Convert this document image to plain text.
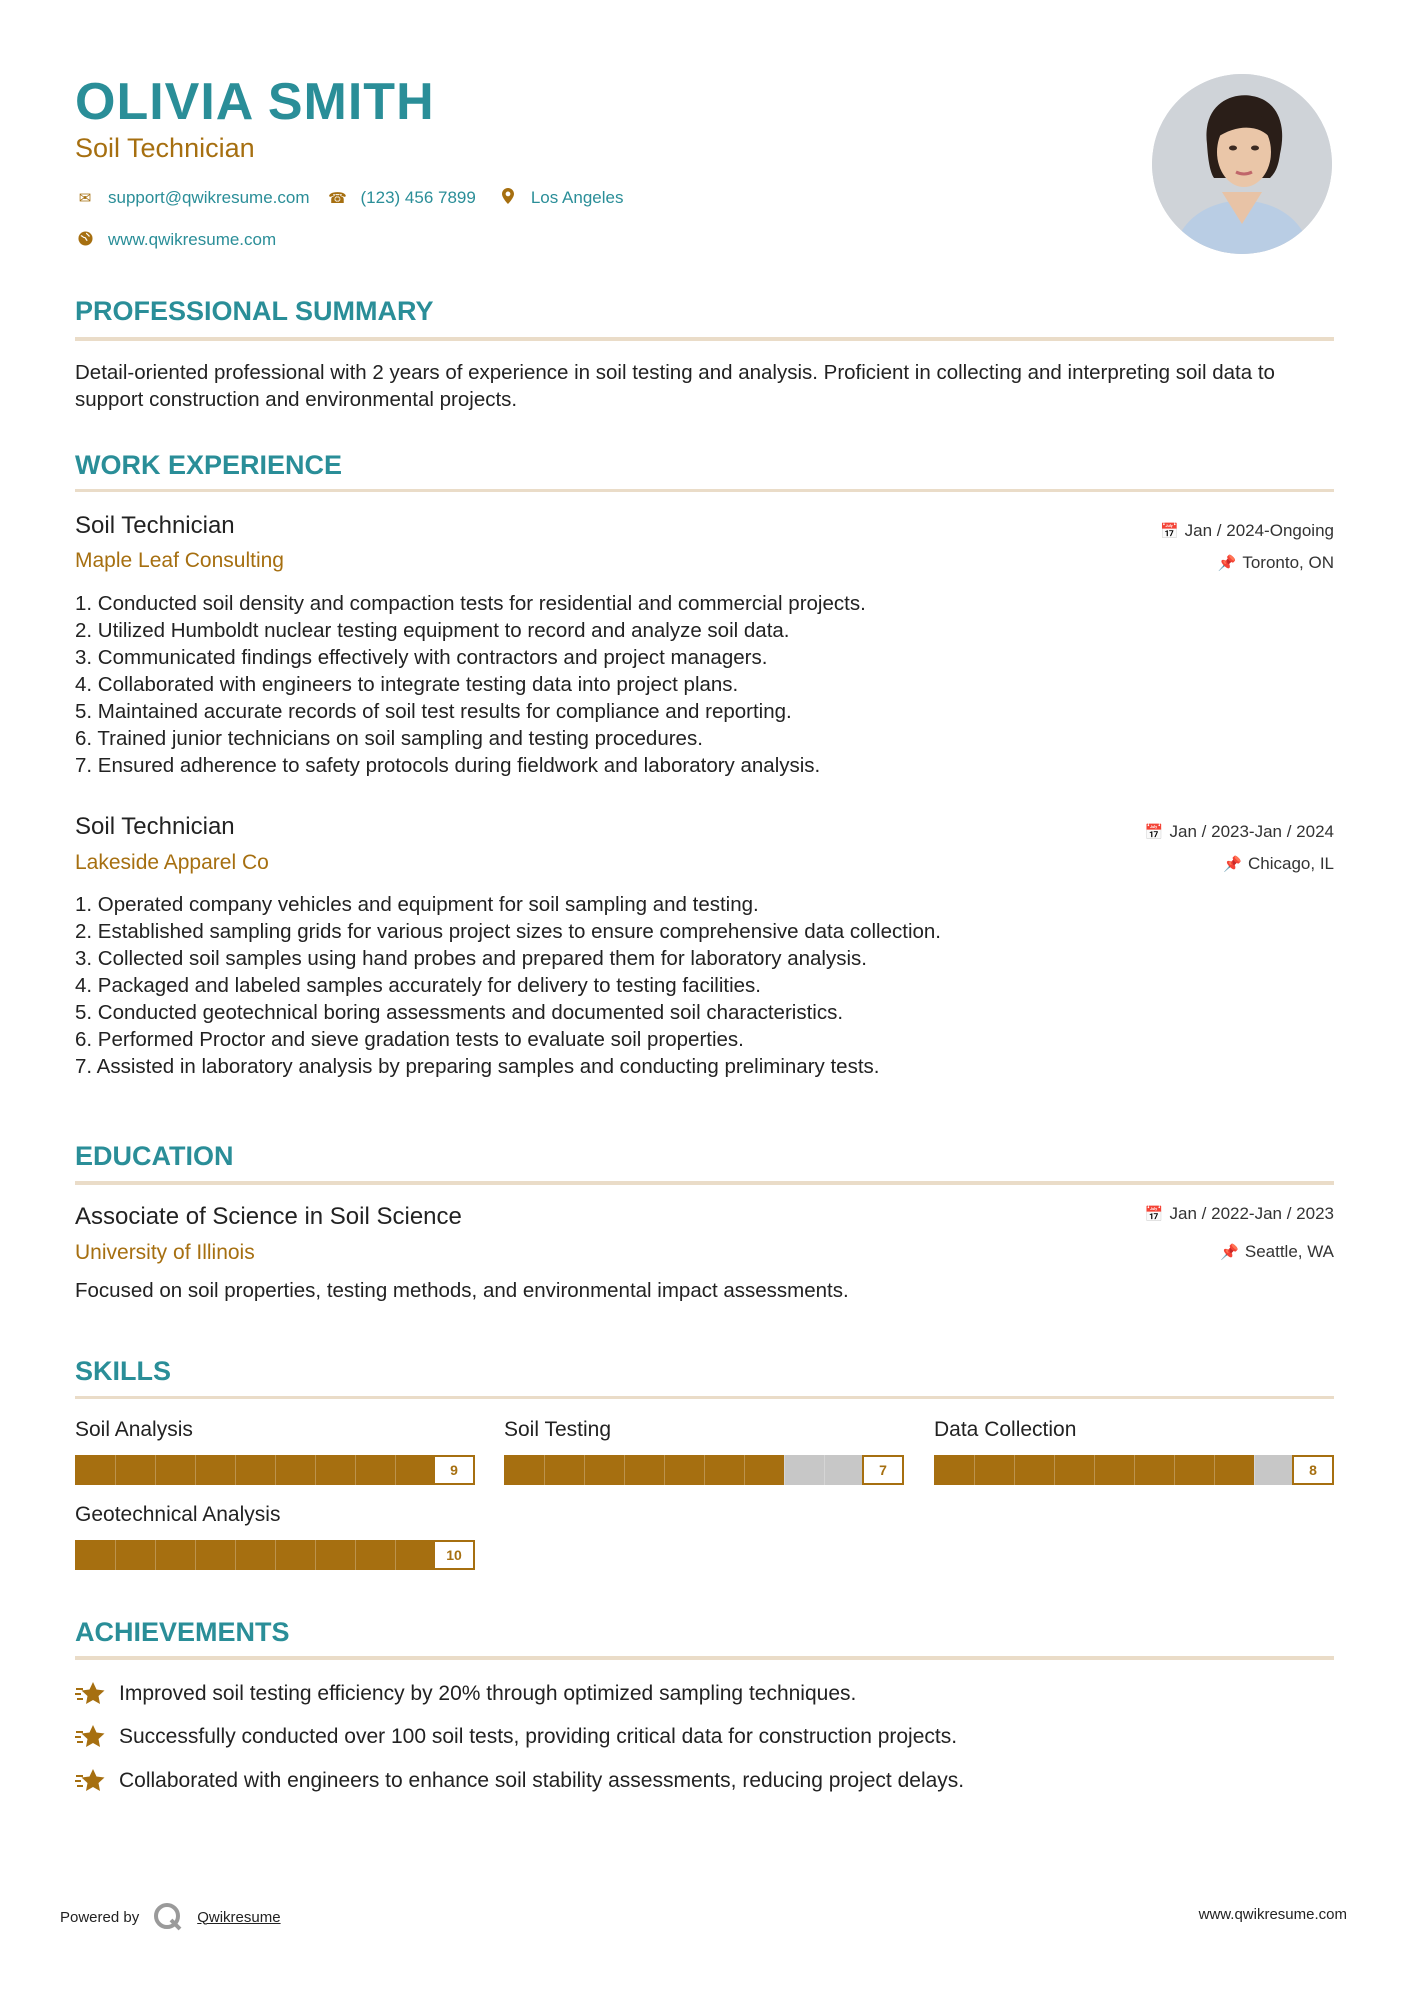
OLIVIA SMITH
Soil Technician
✉ support@qwikresume.com ☎ (123) 456 7899	Los Angeles
www.qwikresume.com
PROFESSIONAL SUMMARY
Detail-oriented professional with 2 years of experience in soil testing and analysis. Proficient in collecting and interpreting soil data to support construction and environmental projects.
WORK EXPERIENCE
Soil Technician
Maple Leaf Consulting
📅 Jan / 2024-Ongoing
📌 Toronto, ON
1. Conducted soil density and compaction tests for residential and commercial projects.
2. Utilized Humboldt nuclear testing equipment to record and analyze soil data.
3. Communicated findings effectively with contractors and project managers.
4. Collaborated with engineers to integrate testing data into project plans.
5. Maintained accurate records of soil test results for compliance and reporting.
6. Trained junior technicians on soil sampling and testing procedures.
7. Ensured adherence to safety protocols during fieldwork and laboratory analysis.
Soil Technician
Lakeside Apparel Co
📅 Jan / 2023-Jan / 2024
📌 Chicago, IL
1. Operated company vehicles and equipment for soil sampling and testing.
2. Established sampling grids for various project sizes to ensure comprehensive data collection.
3. Collected soil samples using hand probes and prepared them for laboratory analysis.
4. Packaged and labeled samples accurately for delivery to testing facilities.
5. Conducted geotechnical boring assessments and documented soil characteristics.
6. Performed Proctor and sieve gradation tests to evaluate soil properties.
7. Assisted in laboratory analysis by preparing samples and conducting preliminary tests.
EDUCATION
Associate of Science in Soil Science
University of Illinois
📅 Jan / 2022-Jan / 2023
📌 Seattle, WA
Focused on soil properties, testing methods, and environmental impact assessments.
SKILLS
Soil Analysis
9
Soil Testing
7
Data Collection
8
Geotechnical Analysis
10
ACHIEVEMENTS
Improved soil testing efficiency by 20% through optimized sampling techniques.
Successfully conducted over 100 soil tests, providing critical data for construction projects.
Collaborated with engineers to enhance soil stability assessments, reducing project delays.
Powered by	Qwikresume	www.qwikresume.com
